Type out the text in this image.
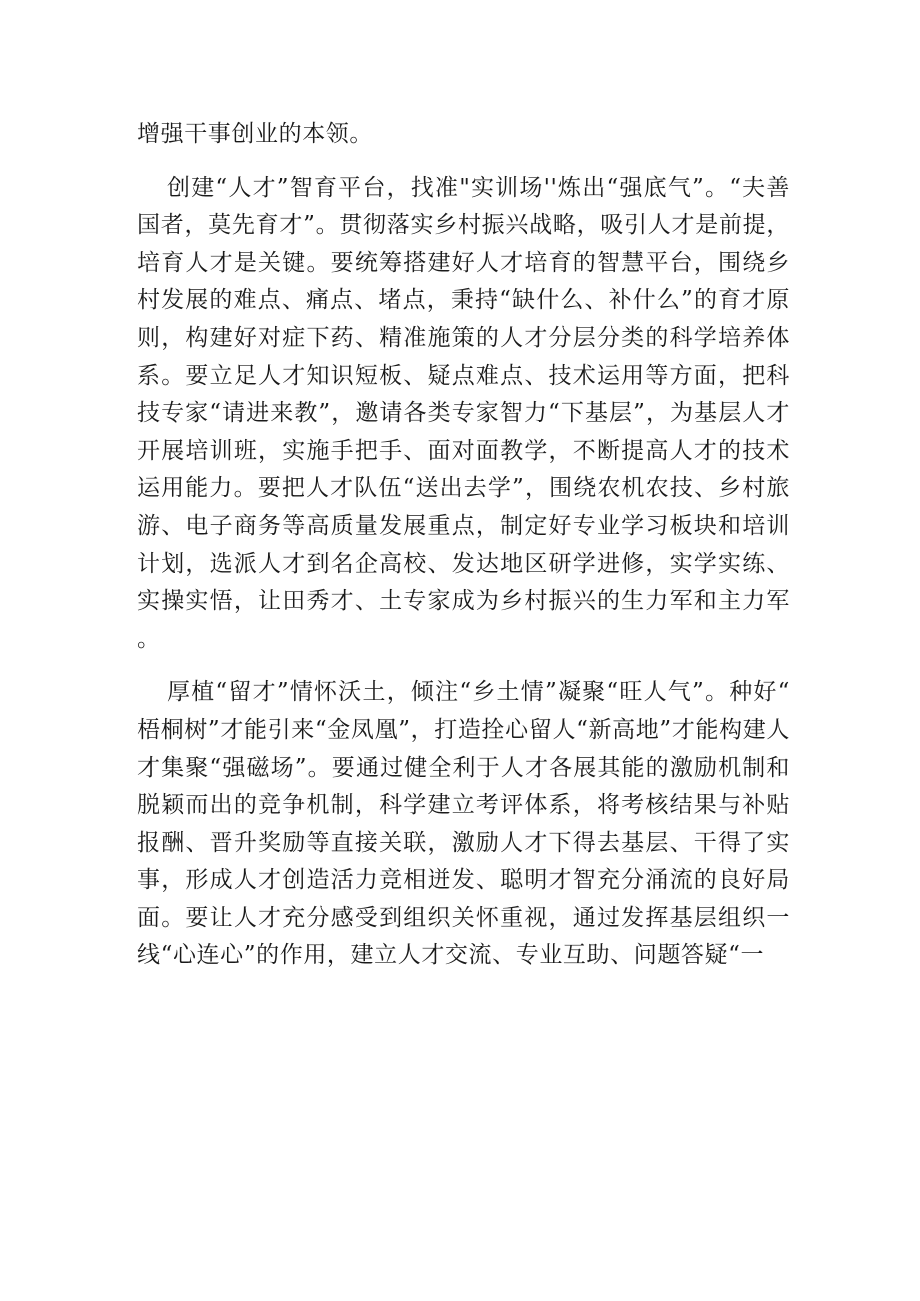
增强干事创业的本领。

创建“人才”智育平台，找准"实训场''炼出“强底气”。“夫善国者，莫先育才”。贯彻落实乡村振兴战略，吸引人才是前提，培育人才是关键。要统筹搭建好人才培育的智慧平台，围绕乡村发展的难点、痛点、堵点，秉持“缺什么、补什么”的育才原则，构建好对症下药、精准施策的人才分层分类的科学培养体系。要立足人才知识短板、疑点难点、技术运用等方面，把科技专家“请进来教”，邀请各类专家智力“下基层”，为基层人才开展培训班，实施手把手、面对面教学，不断提高人才的技术运用能力。要把人才队伍“送出去学”，围绕农机农技、乡村旅游、电子商务等高质量发展重点，制定好专业学习板块和培训计划，选派人才到名企高校、发达地区研学进修，实学实练、实操实悟，让田秀才、土专家成为乡村振兴的生力军和主力军。

厚植“留才”情怀沃土，倾注“乡土情”凝聚“旺人气”。种好“梧桐树”才能引来“金凤凰”，打造拴心留人“新高地”才能构建人才集聚“强磁场”。要通过健全利于人才各展其能的激励机制和脱颖而出的竞争机制，科学建立考评体系，将考核结果与补贴报酬、晋升奖励等直接关联，激励人才下得去基层、干得了实事，形成人才创造活力竞相迸发、聪明才智充分涌流的良好局面。要让人才充分感受到组织关怀重视，通过发挥基层组织一线“心连心”的作用，建立人才交流、专业互助、问题答疑“一
